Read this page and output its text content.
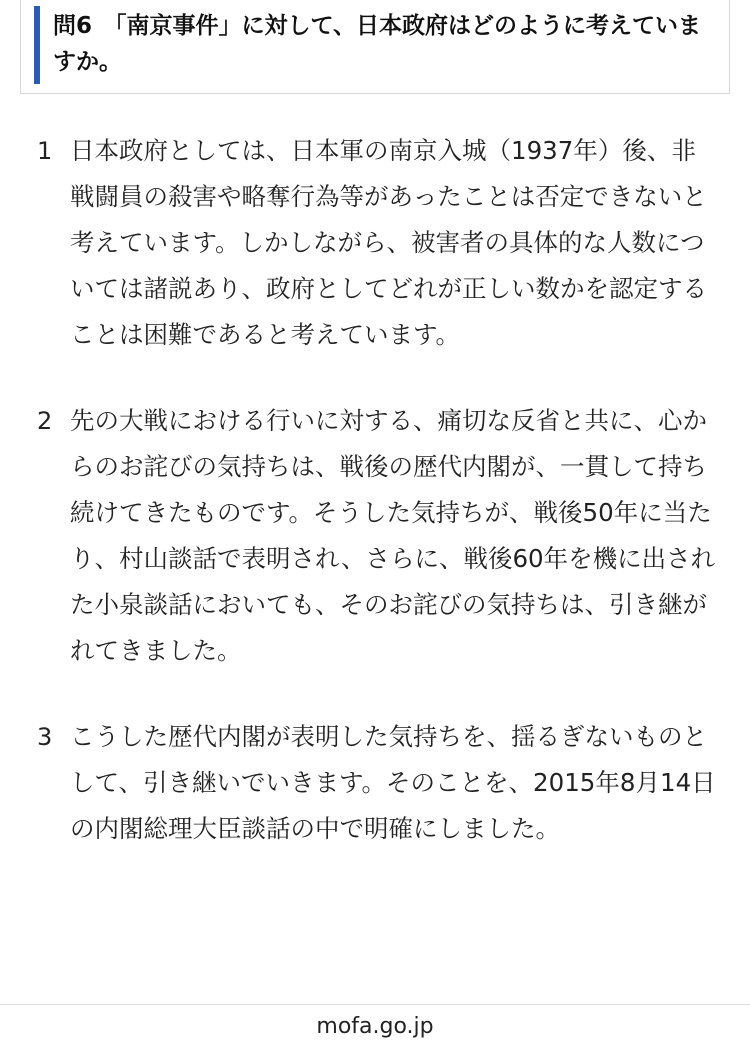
問6　「南京事件」に対して、日本政府はどのように考えていますか。
1 日本政府としては、日本軍の南京入城（1937年）後、非戦闘員の殺害や略奪行為等があったことは否定できないと考えています。しかしながら、被害者の具体的な人数については諸説あり、政府としてどれが正しい数かを認定することは困難であると考えています。

2 先の大戦における行いに対する、痛切な反省と共に、心からのお詫びの気持ちは、戦後の歴代内閣が、一貫して持ち続けてきたものです。そうした気持ちが、戦後50年に当たり、村山談話で表明され、さらに、戦後60年を機に出された小泉談話においても、そのお詫びの気持ちは、引き継がれてきました。

3 こうした歴代内閣が表明した気持ちを、揺るぎないものとして、引き継いでいきます。そのことを、2015年8月14日の内閣総理大臣談話の中で明確にしました。

mofa.go.jp
